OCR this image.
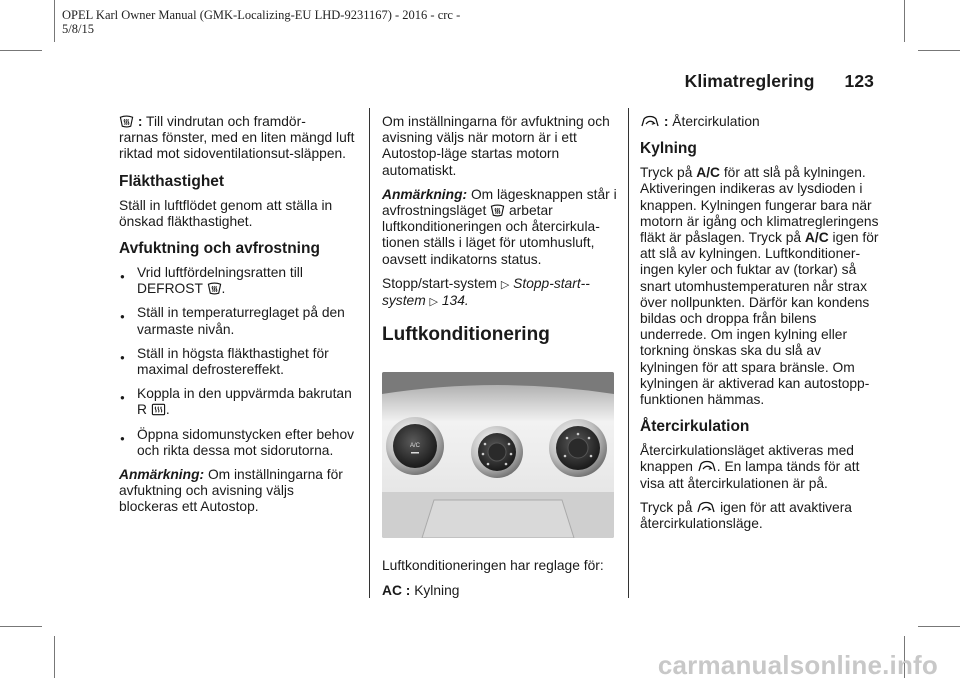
OPEL Karl Owner Manual (GMK-Localizing-EU LHD-9231167) - 2016 - crc -
5/8/15
Klimatreglering 123

: Till vindrutan och framdör-
rarnas fönster, med en liten mängd luft riktad mot sidoventilationsut-släppen.

Fläkthastighet

Ställ in luftflödet genom att ställa in önskad fläkthastighet.

Avfuktning och avfrostning
● Vrid luftfördelningsratten till DEFROST .
● Ställ in temperaturreglaget på den varmaste nivån.
● Ställ in högsta fläkthastighet för maximal defrostereffekt.
● Koppla in den uppvärmda bakrutan R .
● Öppna sidomunstycken efter behov och rikta dessa mot sidorutorna.

Anmärkning: Om inställningarna för avfuktning och avisning väljs blockeras ett Autostop.

Om inställningarna för avfuktning och avisning väljs när motorn är i ett Autostop-läge startas motorn automatiskt.

Anmärkning: Om lägesknappen står i avfrostningsläget arbetar luftkonditioneringen och återcirkula-tionen ställs i läget för utomhusluft, oavsett indikatorns status.

Stopp/start-system ▷ Stopp-start--system ▷ 134.

Luftkonditionering
A/C

Luftkonditioneringen har reglage för:

AC : Kylning

: Återcirkulation

Kylning

Tryck på A/C för att slå på kylningen. Aktiveringen indikeras av lysdioden i knappen. Kylningen fungerar bara när motorn är igång och klimatregleringens fläkt är påslagen. Tryck på A/C igen för att slå av kylningen. Luftkonditioner-ingen kyler och fuktar av (torkar) så snart utomhustemperaturen når strax över nollpunkten. Därför kan kondens bildas och droppa från bilens underrede. Om ingen kylning eller torkning önskas ska du slå av kylningen för att spara bränsle. Om kylningen är aktiverad kan autostopp-funktionen hämmas.

Återcirkulation

Återcirkulationsläget aktiveras med knappen . En lampa tänds för att visa att återcirkulationen är på.

Tryck på igen för att avaktivera återcirkulationsläge.

carmanualsonline.info
